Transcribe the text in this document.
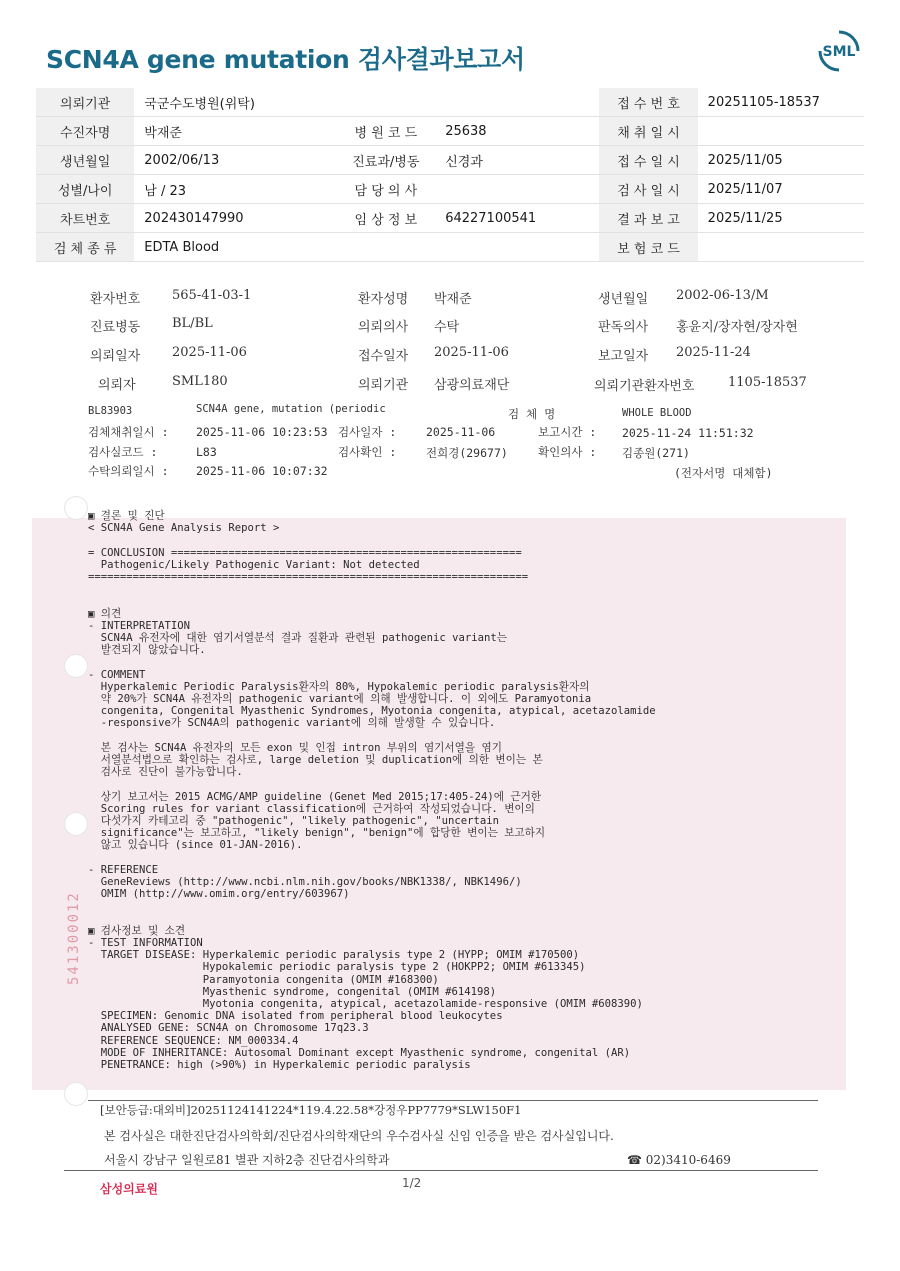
SCN4A gene mutation 검사결과보고서	SML
의뢰기관	국군수도병원(위탁)			접 수 번 호	20251105-18537
수진자명	박재준	병 원 코 드	25638	채 취 일 시	
생년월일	2002/06/13	진료과/병동	신경과	접 수 일 시	2025/11/05
성별/나이	남 / 23	담 당 의 사		검 사 일 시	2025/11/07
차트번호	202430147990	임 상 정 보	64227100541	결 과 보 고	2025/11/25
검 체 종 류	EDTA Blood			보 험 코 드	
환자번호 565-41-03-1	환자성명 박재준	생년월일 2002-06-13/M
진료병동 BL/BL	의뢰의사 수탁	판독의사 홍윤지/장자현/장자현
의뢰일자 2025-11-06	접수일자 2025-11-06	보고일자 2025-11-24
의뢰자	SML180	의뢰기관 삼광의료재단	의뢰기관환자번호	1105-18537
BL83903	SCN4A gene, mutation (periodic	검 체 명	WHOLE BLOOD
검체채취일시 : 2025-11-06 10:23:53 검사일자 :	2025-11-06	보고시간 : 2025-11-24 11:51:32
검사실코드 :	L83	검사확인 :	전희경(29677)	확인의사 : 김종원(271)
수탁의뢰일시 : 2025-11-06 10:07:32	(전자서명 대체함)
541300012
▣ 결론 및 진단
< SCN4A Gene Analysis Report >
= CONCLUSION =======================================================
Pathogenic/Likely Pathogenic Variant: Not detected
=====================================================================
▣ 의견
- INTERPRETATION
SCN4A 유전자에 대한 염기서열분석 결과 질환과 관련된 pathogenic variant는
발견되지 않았습니다.
- COMMENT
Hyperkalemic Periodic Paralysis환자의 80%, Hypokalemic periodic paralysis환자의
약 20%가 SCN4A 유전자의 pathogenic variant에 의해 발생합니다. 이 외에도 Paramyotonia
congenita, Congenital Myasthenic Syndromes, Myotonia congenita, atypical, acetazolamide
-responsive가 SCN4A의 pathogenic variant에 의해 발생할 수 있습니다.
본 검사는 SCN4A 유전자의 모든 exon 및 인접 intron 부위의 염기서열을 염기
서열분석법으로 확인하는 검사로, large deletion 및 duplication에 의한 변이는 본
검사로 진단이 불가능합니다.
상기 보고서는 2015 ACMG/AMP guideline (Genet Med 2015;17:405-24)에 근거한
Scoring rules for variant classification에 근거하여 작성되었습니다. 변이의
다섯가지 카테고리 중 "pathogenic", "likely pathogenic", "uncertain
significance"는 보고하고, "likely benign", "benign"에 합당한 변이는 보고하지
않고 있습니다 (since 01-JAN-2016).
- REFERENCE
GeneReviews (http://www.ncbi.nlm.nih.gov/books/NBK1338/, NBK1496/)
OMIM (http://www.omim.org/entry/603967)
▣ 검사정보 및 소견
- TEST INFORMATION
TARGET DISEASE: Hyperkalemic periodic paralysis type 2 (HYPP; OMIM #170500)
Hypokalemic periodic paralysis type 2 (HOKPP2; OMIM #613345)
Paramyotonia congenita (OMIM #168300)
Myasthenic syndrome, congenital (OMIM #614198)
Myotonia congenita, atypical, acetazolamide-responsive (OMIM #608390)
SPECIMEN: Genomic DNA isolated from peripheral blood leukocytes
ANALYSED GENE: SCN4A on Chromosome 17q23.3
REFERENCE SEQUENCE: NM_000334.4
MODE OF INHERITANCE: Autosomal Dominant except Myasthenic syndrome, congenital (AR)
PENETRANCE: high (>90%) in Hyperkalemic periodic paralysis
[보안등급:대외비]20251124141224*119.4.22.58*강정우PP7779*SLW150F1
본 검사실은 대한진단검사의학회/진단검사의학재단의 우수검사실 신임 인증을 받은 검사실입니다.
서울시 강남구 일원로81 별관 지하2층 진단검사의학과	☎ 02)3410-6469
삼성의료원	1/2
